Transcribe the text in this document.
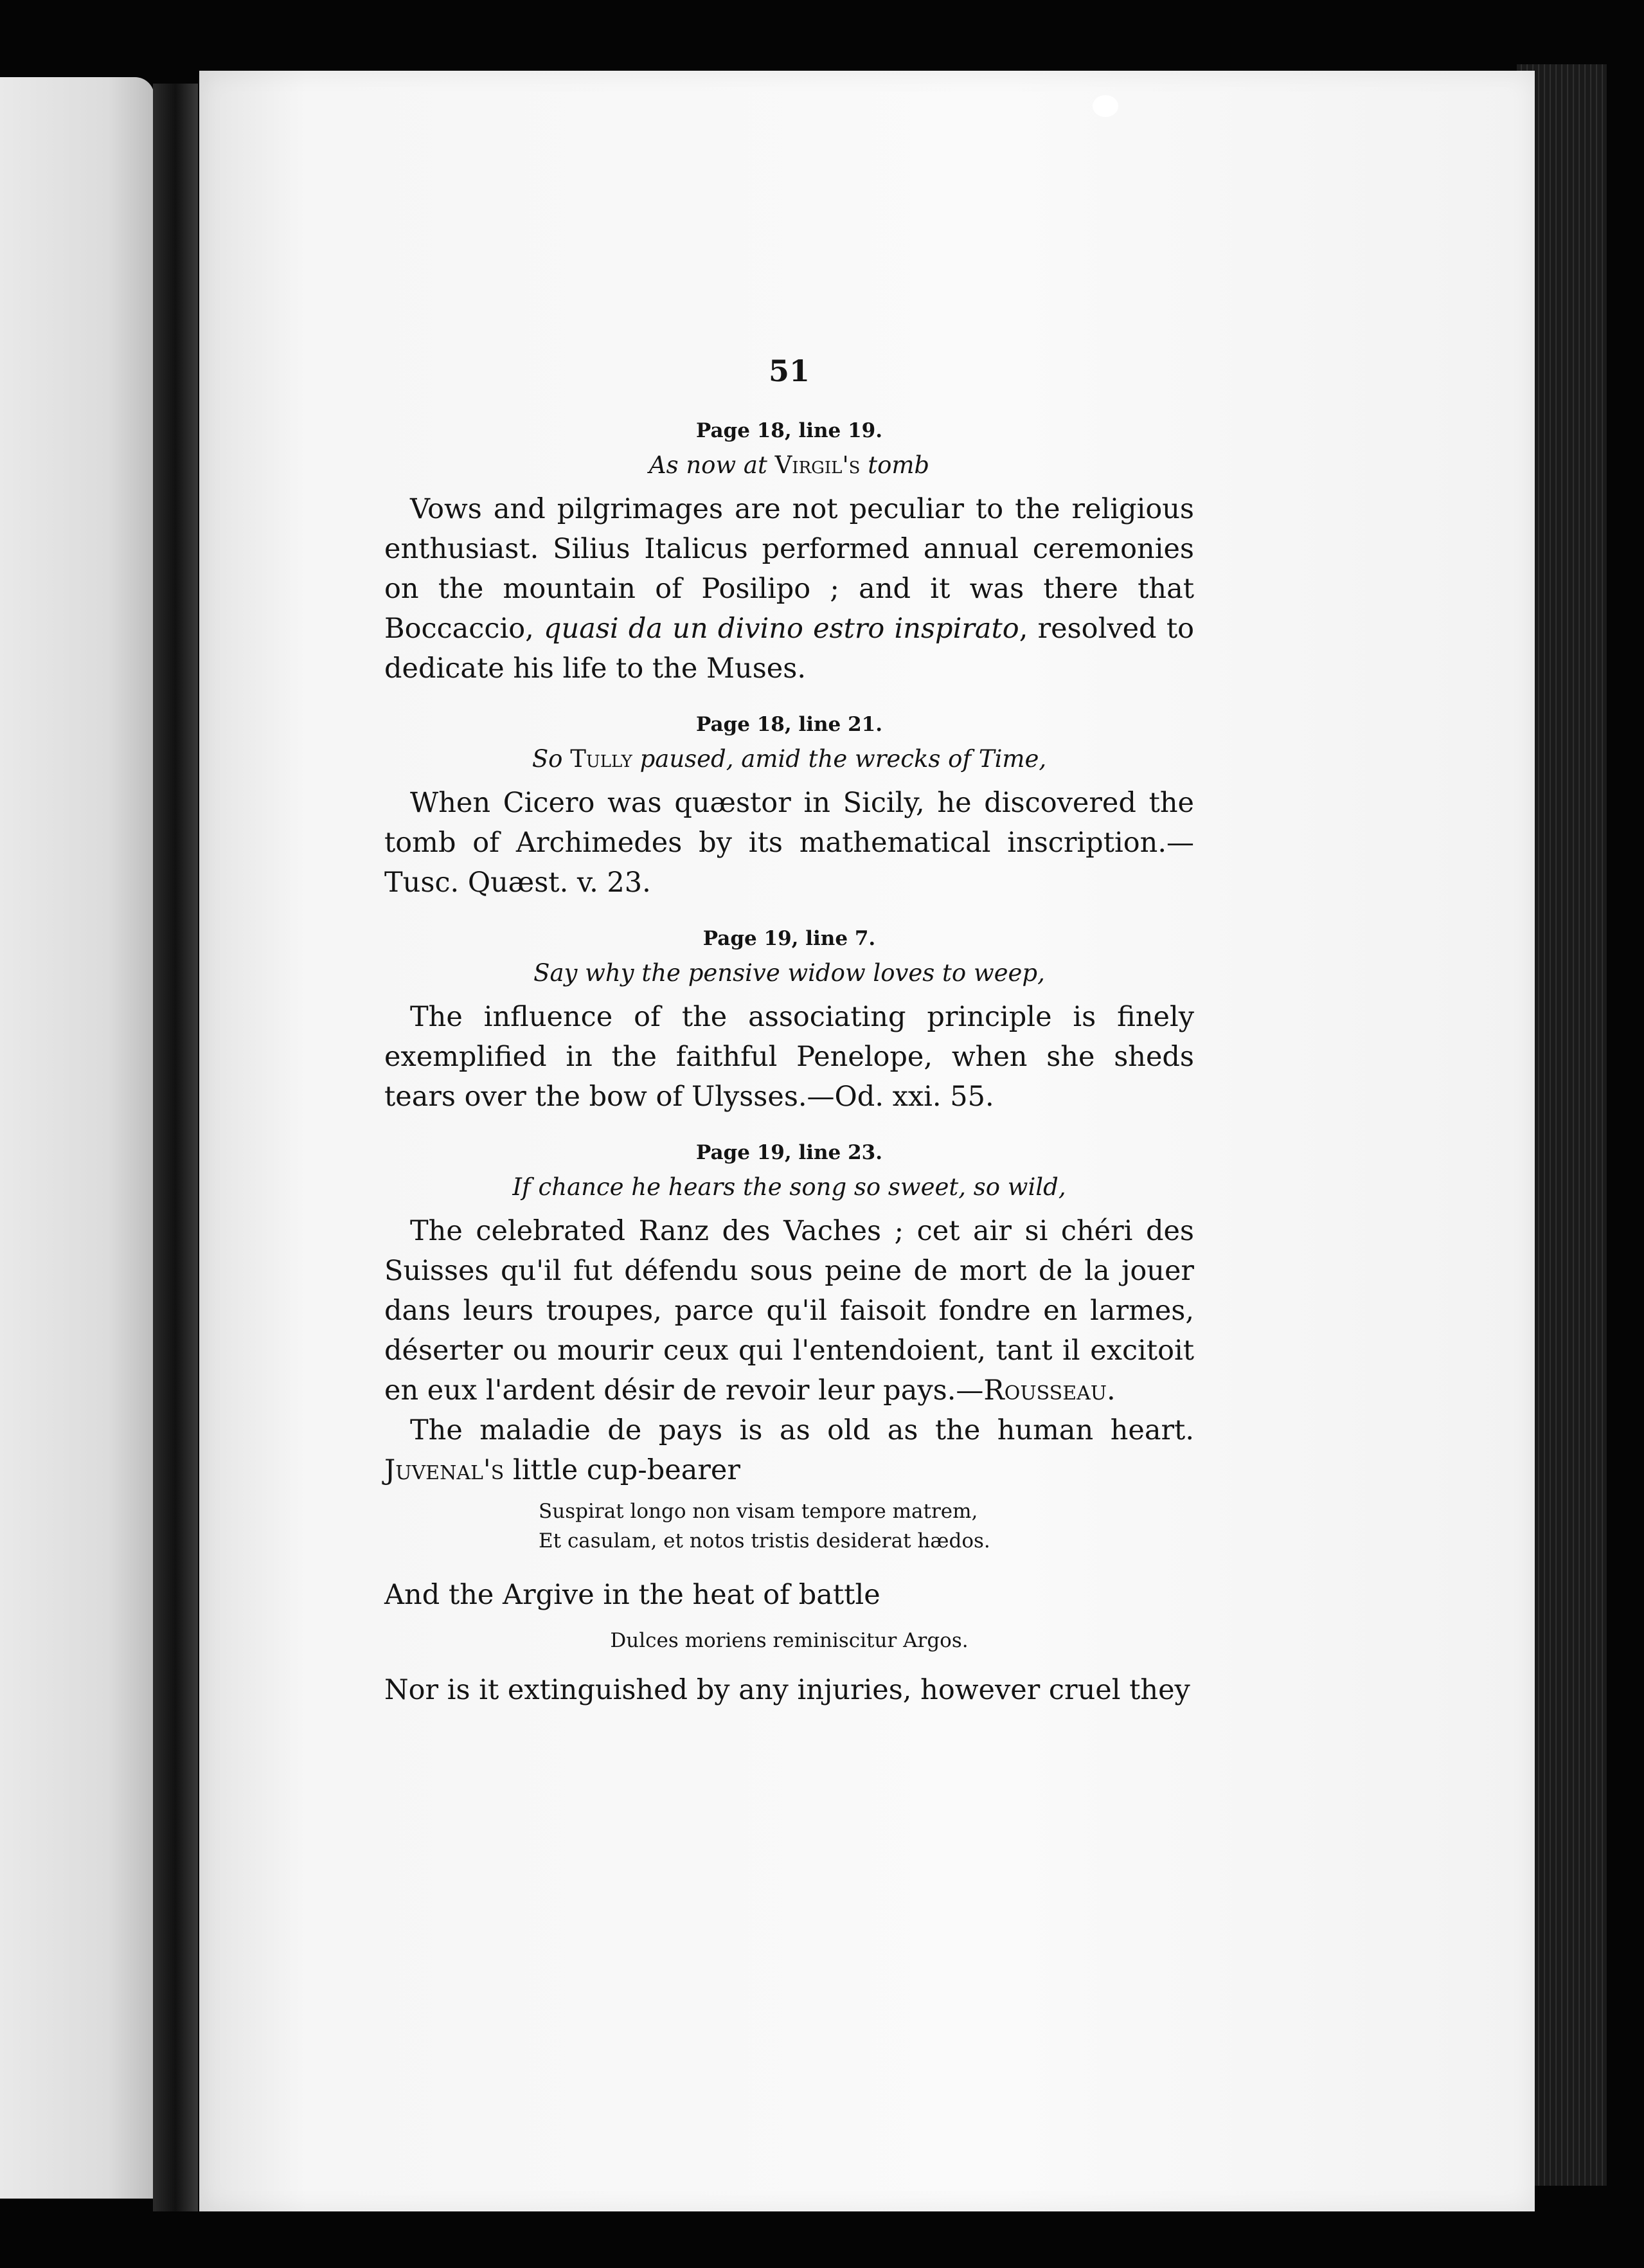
51
Page 18, line 19.
As now at Virgil's tomb

Vows and pilgrimages are not peculiar to the religious enthusiast. Silius Italicus performed annual ceremonies on the mountain of Posilipo ; and it was there that Boccaccio, quasi da un divino estro inspirato, resolved to dedicate his life to the Muses.

Page 18, line 21.
So Tully paused, amid the wrecks of Time,

When Cicero was quæstor in Sicily, he discovered the tomb of Archimedes by its mathematical inscription.—Tusc. Quæst. v. 23.

Page 19, line 7.
Say why the pensive widow loves to weep,

The influence of the associating principle is finely exemplified in the faithful Penelope, when she sheds tears over the bow of Ulysses.—Od. xxi. 55.

Page 19, line 23.
If chance he hears the song so sweet, so wild,

The celebrated Ranz des Vaches ; cet air si chéri des Suisses qu'il fut défendu sous peine de mort de la jouer dans leurs troupes, parce qu'il faisoit fondre en larmes, déserter ou mourir ceux qui l'entendoient, tant il excitoit en eux l'ardent désir de revoir leur pays.—Rousseau.

The maladie de pays is as old as the human heart. Juvenal's little cup-bearer

Suspirat longo non visam tempore matrem,
Et casulam, et notos tristis desiderat hædos.

And the Argive in the heat of battle

Dulces moriens reminiscitur Argos.

Nor is it extinguished by any injuries, however cruel they
